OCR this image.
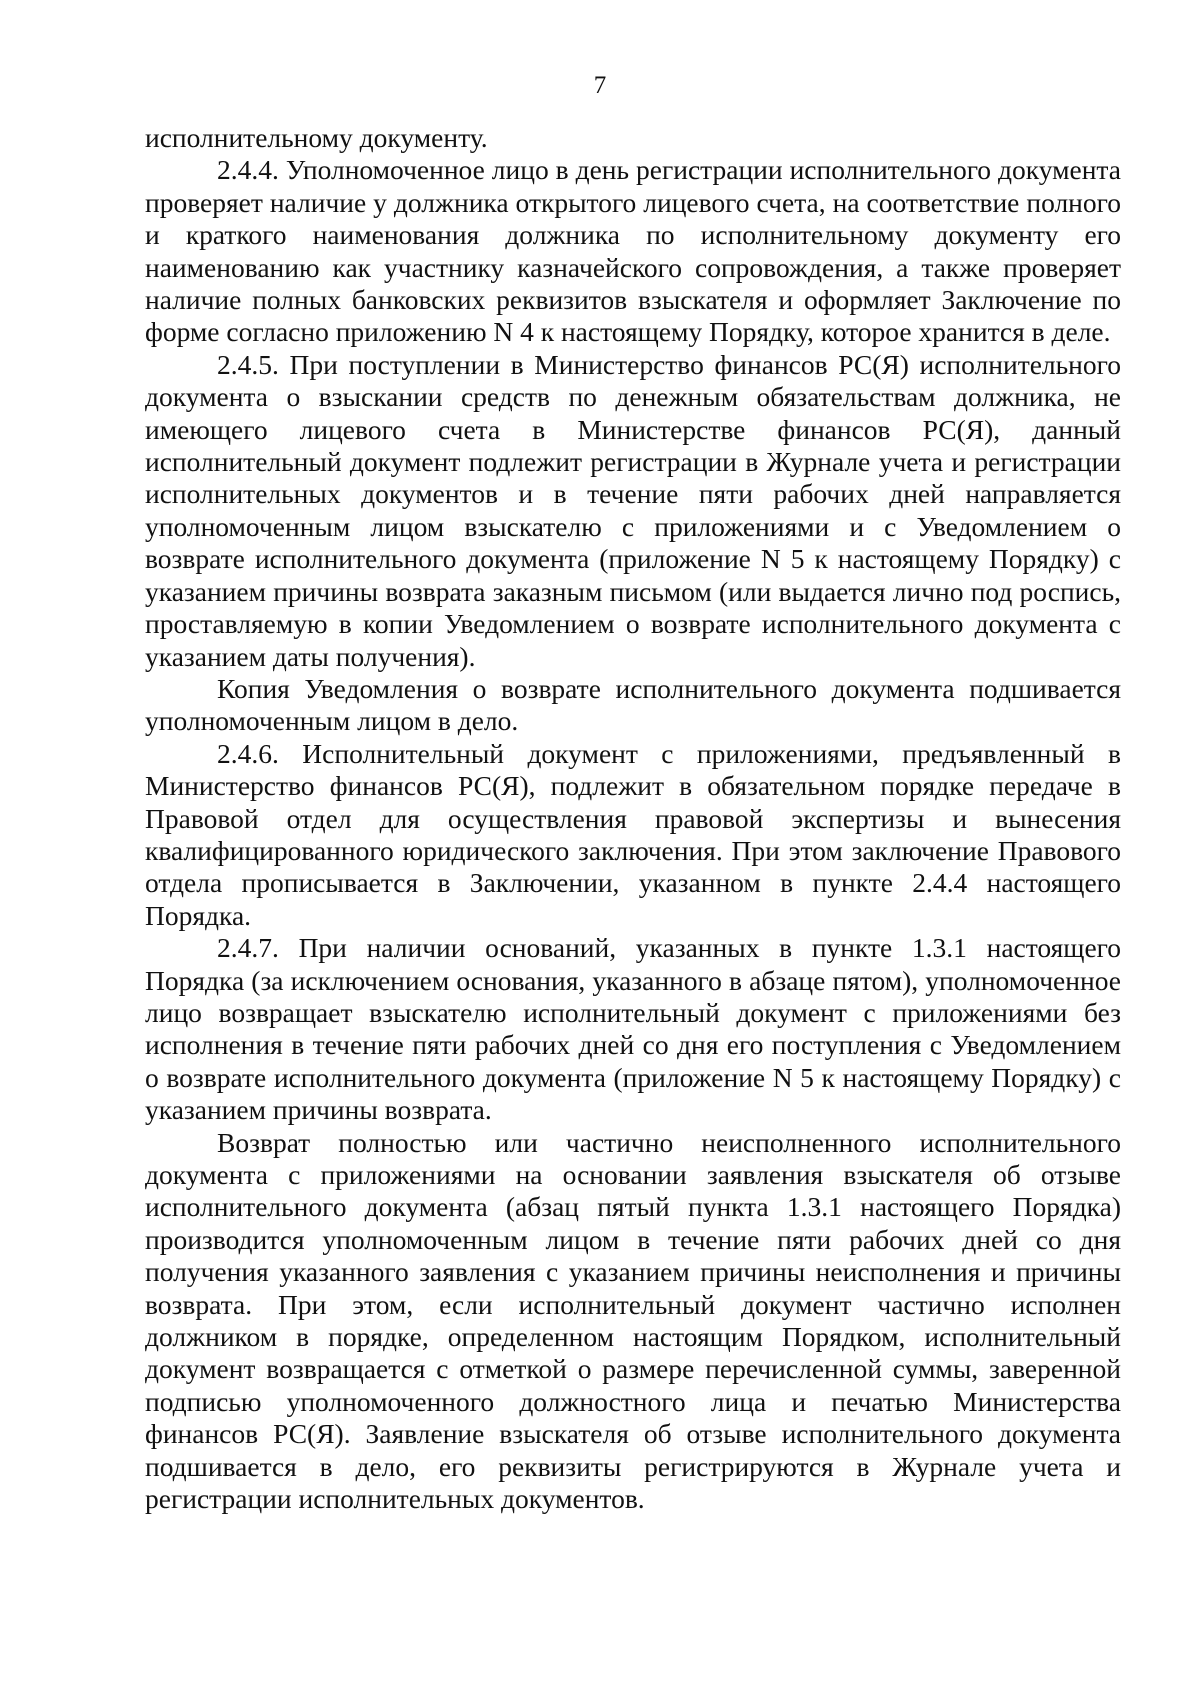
7

исполнительному документу.

2.4.4. Уполномоченное лицо в день регистрации исполнительного документа проверяет наличие у должника открытого лицевого счета, на соответствие полного и краткого наименования должника по исполнительному документу его наименованию как участнику казначейского сопровождения, а также проверяет наличие полных банковских реквизитов взыскателя и оформляет Заключение по форме согласно приложению N 4 к настоящему Порядку, которое хранится в деле.

2.4.5. При поступлении в Министерство финансов РС(Я) исполнительного документа о взыскании средств по денежным обязательствам должника, не имеющего лицевого счета в Министерстве финансов РС(Я), данный исполнительный документ подлежит регистрации в Журнале учета и регистрации исполнительных документов и в течение пяти рабочих дней направляется уполномоченным лицом взыскателю с приложениями и с Уведомлением о возврате исполнительного документа (приложение N 5 к настоящему Порядку) с указанием причины возврата заказным письмом (или выдается лично под роспись, проставляемую в копии Уведомлением о возврате исполнительного документа с указанием даты получения).

Копия Уведомления о возврате исполнительного документа подшивается уполномоченным лицом в дело.

2.4.6. Исполнительный документ с приложениями, предъявленный в Министерство финансов РС(Я), подлежит в обязательном порядке передаче в Правовой отдел для осуществления правовой экспертизы и вынесения квалифицированного юридического заключения. При этом заключение Правового отдела прописывается в Заключении, указанном в пункте 2.4.4 настоящего Порядка.

2.4.7. При наличии оснований, указанных в пункте 1.3.1 настоящего Порядка (за исключением основания, указанного в абзаце пятом), уполномоченное лицо возвращает взыскателю исполнительный документ с приложениями без исполнения в течение пяти рабочих дней со дня его поступления с Уведомлением о возврате исполнительного документа (приложение N 5 к настоящему Порядку) с указанием причины возврата.

Возврат полностью или частично неисполненного исполнительного документа с приложениями на основании заявления взыскателя об отзыве исполнительного документа (абзац пятый пункта 1.3.1 настоящего Порядка) производится уполномоченным лицом в течение пяти рабочих дней со дня получения указанного заявления с указанием причины неисполнения и причины возврата. При этом, если исполнительный документ частично исполнен должником в порядке, определенном настоящим Порядком, исполнительный документ возвращается с отметкой о размере перечисленной суммы, заверенной подписью уполномоченного должностного лица и печатью Министерства финансов РС(Я). Заявление взыскателя об отзыве исполнительного документа подшивается в дело, его реквизиты регистрируются в Журнале учета и регистрации исполнительных документов.
